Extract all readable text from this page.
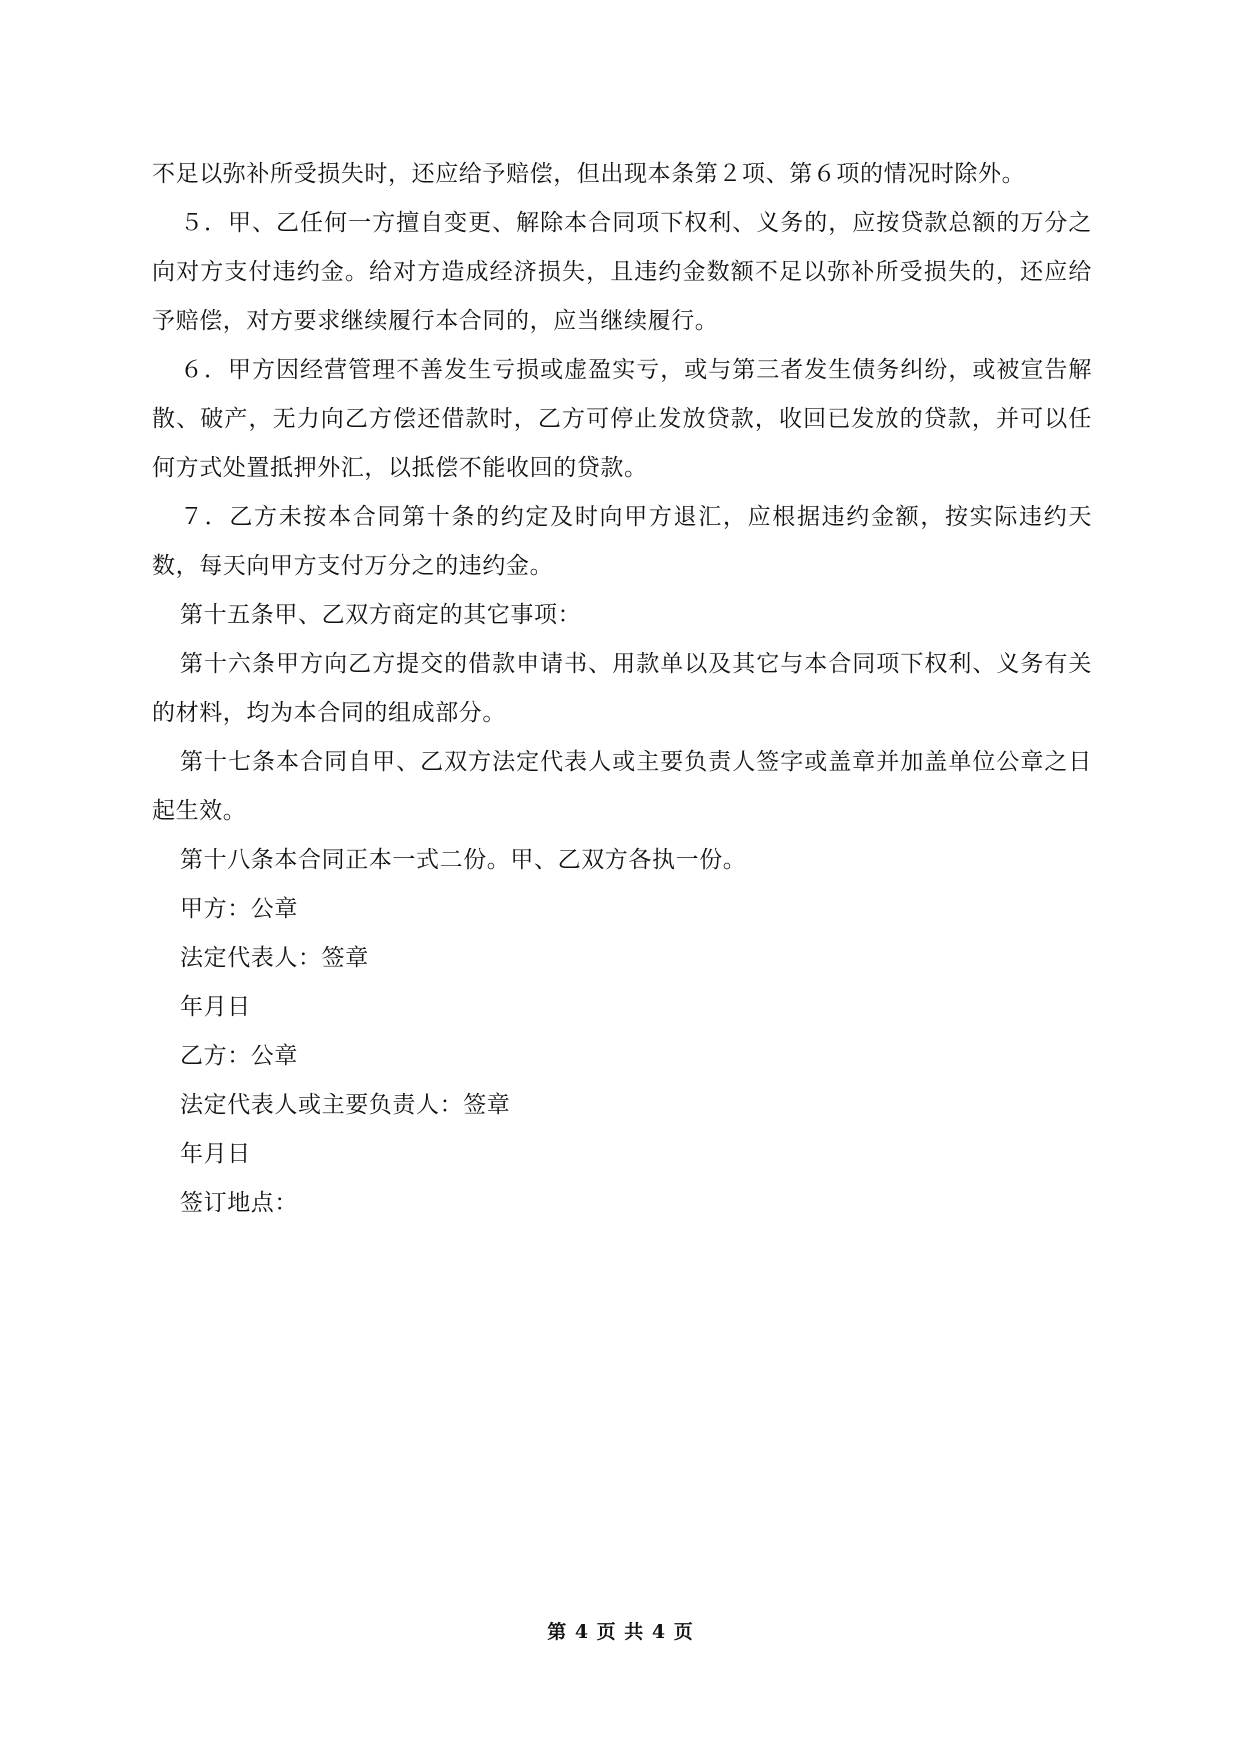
不足以弥补所受损失时，还应给予赔偿，但出现本条第２项、第６项的情况时除外。

５．甲、乙任何一方擅自变更、解除本合同项下权利、义务的，应按贷款总额的万分之向对方支付违约金。给对方造成经济损失，且违约金数额不足以弥补所受损失的，还应给予赔偿，对方要求继续履行本合同的，应当继续履行。

６．甲方因经营管理不善发生亏损或虚盈实亏，或与第三者发生债务纠纷，或被宣告解散、破产，无力向乙方偿还借款时，乙方可停止发放贷款，收回已发放的贷款，并可以任何方式处置抵押外汇，以抵偿不能收回的贷款。

７．乙方未按本合同第十条的约定及时向甲方退汇，应根据违约金额，按实际违约天数，每天向甲方支付万分之的违约金。

第十五条甲、乙双方商定的其它事项：

第十六条甲方向乙方提交的借款申请书、用款单以及其它与本合同项下权利、义务有关的材料，均为本合同的组成部分。

第十七条本合同自甲、乙双方法定代表人或主要负责人签字或盖章并加盖单位公章之日起生效。

第十八条本合同正本一式二份。甲、乙双方各执一份。

甲方：公章

法定代表人：签章

年月日

乙方：公章

法定代表人或主要负责人：签章

年月日

签订地点：

第 4 页 共 4 页
